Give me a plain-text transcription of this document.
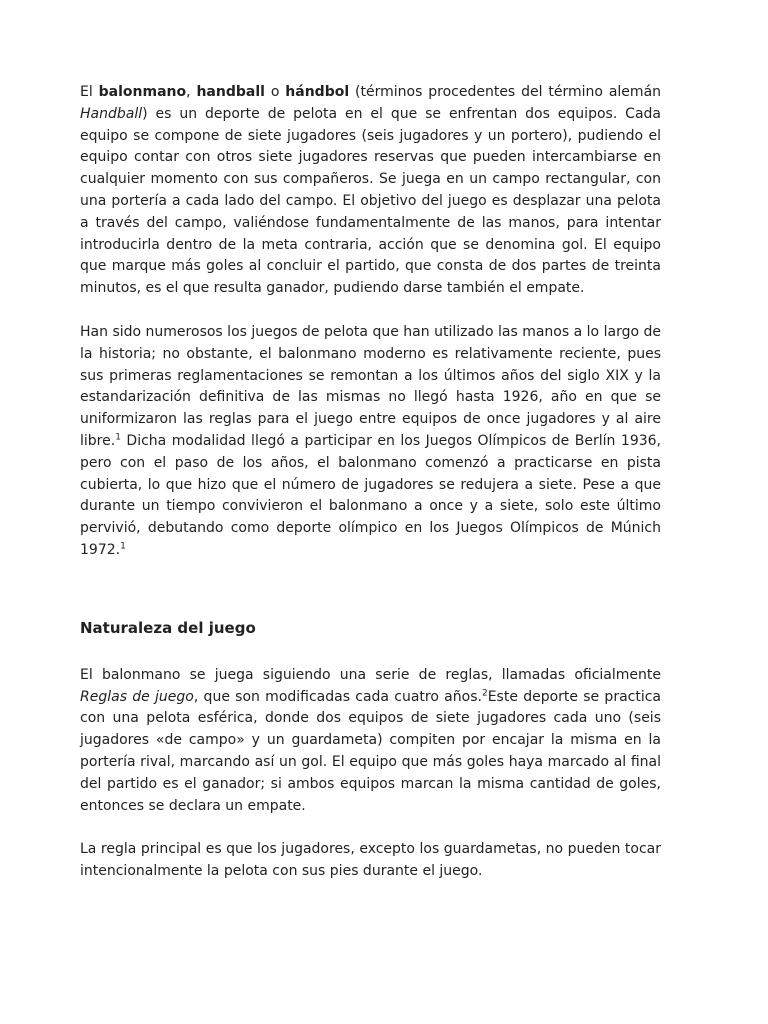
El balonmano, handball o hándbol (términos procedentes del término alemán Handball) es un deporte de pelota en el que se enfrentan dos equipos. Cada equipo se compone de siete jugadores (seis jugadores y un portero), pudiendo el equipo contar con otros siete jugadores reservas que pueden intercambiarse en cualquier momento con sus compañeros. Se juega en un campo rectangular, con una portería a cada lado del campo. El objetivo del juego es desplazar una pelota a través del campo, valiéndose fundamentalmente de las manos, para intentar introducirla dentro de la meta contraria, acción que se denomina gol. El equipo que marque más goles al concluir el partido, que consta de dos partes de treinta minutos, es el que resulta ganador, pudiendo darse también el empate.

Han sido numerosos los juegos de pelota que han utilizado las manos a lo largo de la historia; no obstante, el balonmano moderno es relativamente reciente, pues sus primeras reglamentaciones se remontan a los últimos años del siglo XIX y la estandarización definitiva de las mismas no llegó hasta 1926, año en que se uniformizaron las reglas para el juego entre equipos de once jugadores y al aire libre.$^1$ Dicha modalidad llegó a participar en los Juegos Olímpicos de Berlín 1936, pero con el paso de los años, el balonmano comenzó a practicarse en pista cubierta, lo que hizo que el número de jugadores se redujera a siete. Pese a que durante un tiempo convivieron el balonmano a once y a siete, solo este último pervivió, debutando como deporte olímpico en los Juegos Olímpicos de Múnich 1972.$^1$

Naturaleza del juego

El balonmano se juega siguiendo una serie de reglas, llamadas oficialmente Reglas de juego, que son modificadas cada cuatro años.$^2$Este deporte se practica con una pelota esférica, donde dos equipos de siete jugadores cada uno (seis jugadores «de campo» y un guardameta) compiten por encajar la misma en la portería rival, marcando así un gol. El equipo que más goles haya marcado al final del partido es el ganador; si ambos equipos marcan la misma cantidad de goles, entonces se declara un empate.

La regla principal es que los jugadores, excepto los guardametas, no pueden tocar intencionalmente la pelota con sus pies durante el juego.
